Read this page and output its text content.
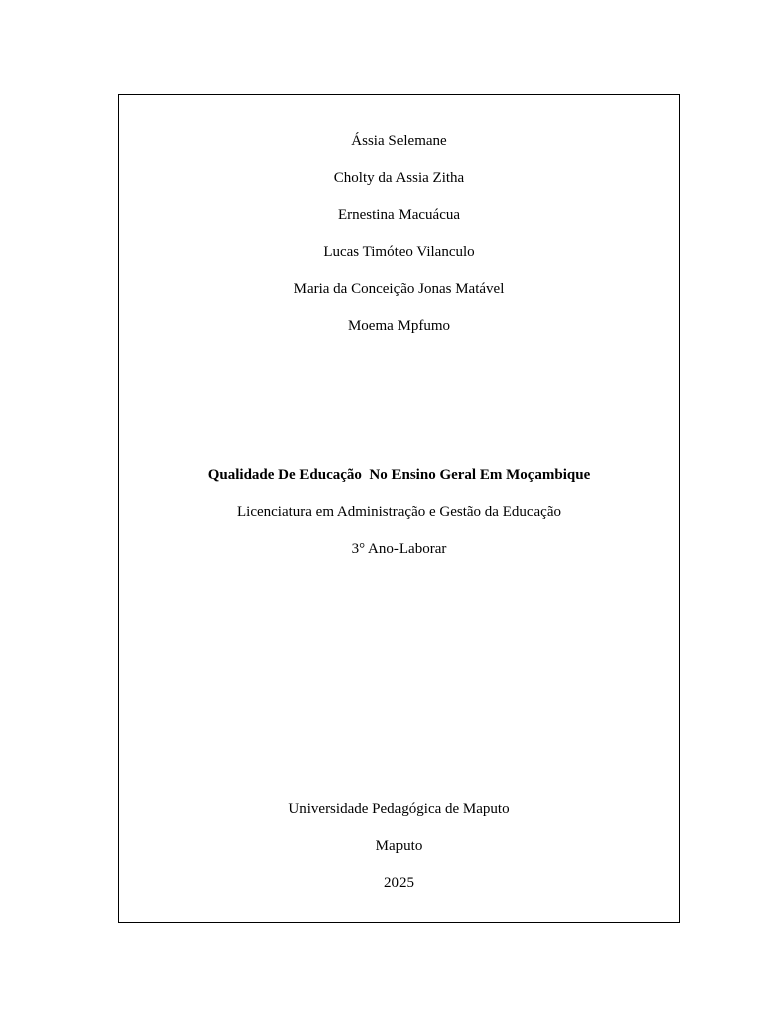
Ássia Selemane
Cholty da Assia Zitha
Ernestina Macuácua
Lucas Timóteo Vilanculo
Maria da Conceição Jonas Matável
Moema Mpfumo
Qualidade De Educação  No Ensino Geral Em Moçambique
Licenciatura em Administração e Gestão da Educação
3° Ano-Laborar
Universidade Pedagógica de Maputo
Maputo
2025
